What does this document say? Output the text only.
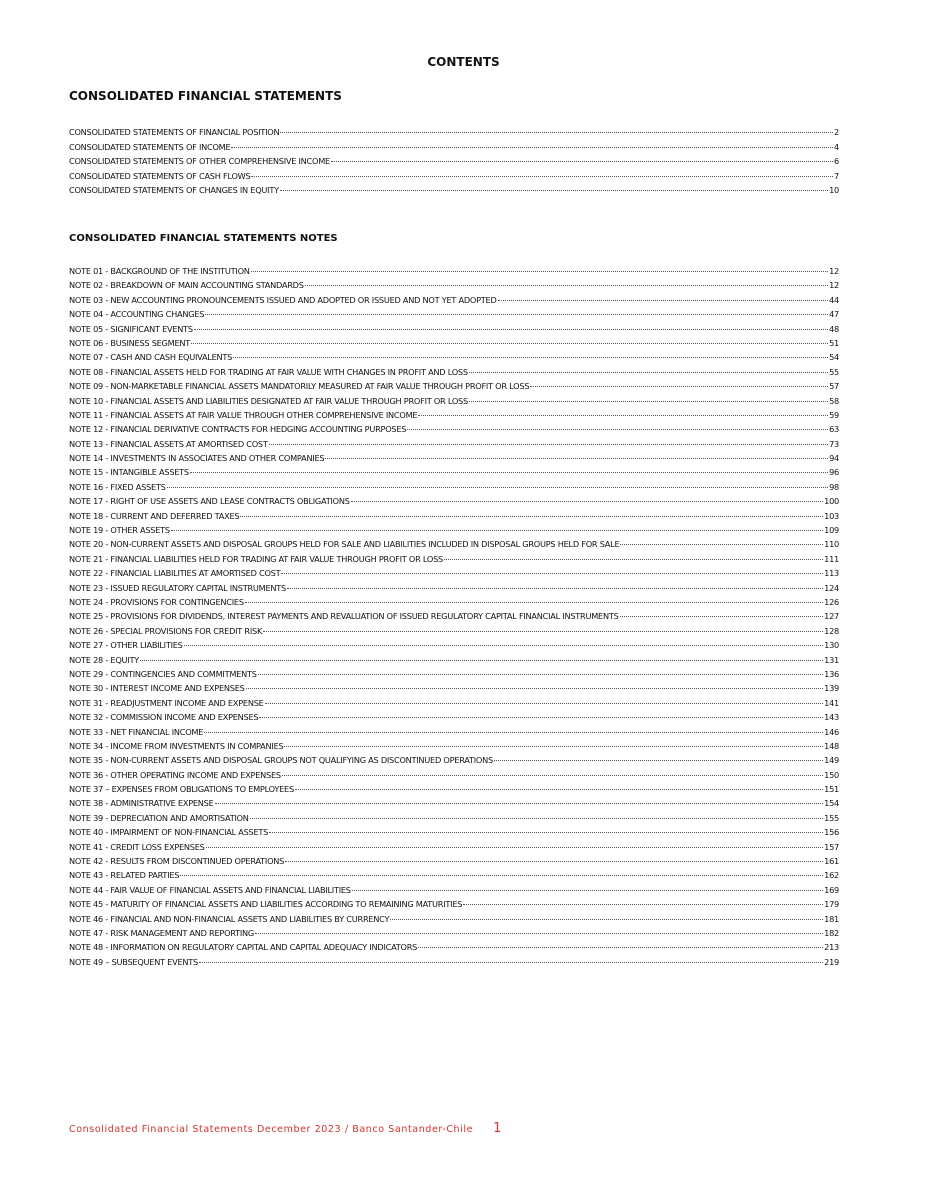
CONTENTS
CONSOLIDATED FINANCIAL STATEMENTS
CONSOLIDATED STATEMENTS OF FINANCIAL POSITION	2
CONSOLIDATED STATEMENTS OF INCOME	4
CONSOLIDATED STATEMENTS OF OTHER COMPREHENSIVE INCOME	6
CONSOLIDATED STATEMENTS OF CASH FLOWS	7
CONSOLIDATED STATEMENTS OF CHANGES IN EQUITY	10
CONSOLIDATED FINANCIAL STATEMENTS NOTES
NOTE 01 - BACKGROUND OF THE INSTITUTION	12
NOTE 02 - BREAKDOWN OF MAIN ACCOUNTING STANDARDS	12
NOTE 03 - NEW ACCOUNTING PRONOUNCEMENTS ISSUED AND ADOPTED OR ISSUED AND NOT YET ADOPTED	44
NOTE 04 - ACCOUNTING CHANGES	47
NOTE 05 - SIGNIFICANT EVENTS	48
NOTE 06 - BUSINESS SEGMENT	51
NOTE 07 - CASH AND CASH EQUIVALENTS	54
NOTE 08 - FINANCIAL ASSETS HELD FOR TRADING AT FAIR VALUE WITH CHANGES IN PROFIT AND LOSS	55
NOTE 09 - NON-MARKETABLE FINANCIAL ASSETS MANDATORILY MEASURED AT FAIR VALUE THROUGH PROFIT OR LOSS	57
NOTE 10 - FINANCIAL ASSETS AND LIABILITIES DESIGNATED AT FAIR VALUE THROUGH PROFIT OR LOSS	58
NOTE 11 - FINANCIAL ASSETS AT FAIR VALUE THROUGH OTHER COMPREHENSIVE INCOME	59
NOTE 12 - FINANCIAL DERIVATIVE CONTRACTS FOR HEDGING ACCOUNTING PURPOSES	63
NOTE 13 - FINANCIAL ASSETS AT AMORTISED COST	73
NOTE 14 - INVESTMENTS IN ASSOCIATES AND OTHER COMPANIES	94
NOTE 15 - INTANGIBLE ASSETS	96
NOTE 16 - FIXED ASSETS	98
NOTE 17 - RIGHT OF USE ASSETS AND LEASE CONTRACTS OBLIGATIONS	100
NOTE 18 - CURRENT AND DEFERRED TAXES	103
NOTE 19 - OTHER ASSETS	109
NOTE 20 - NON-CURRENT ASSETS AND DISPOSAL GROUPS HELD FOR SALE AND LIABILITIES INCLUDED IN DISPOSAL GROUPS HELD FOR SALE	110
NOTE 21 - FINANCIAL LIABILITIES HELD FOR TRADING AT FAIR VALUE THROUGH PROFIT OR LOSS	111
NOTE 22 - FINANCIAL LIABILITIES AT AMORTISED COST	113
NOTE 23 - ISSUED REGULATORY CAPITAL INSTRUMENTS	124
NOTE 24 - PROVISIONS FOR CONTINGENCIES	126
NOTE 25 - PROVISIONS FOR DIVIDENDS, INTEREST PAYMENTS AND REVALUATION OF ISSUED REGULATORY CAPITAL FINANCIAL INSTRUMENTS	127
NOTE 26 - SPECIAL PROVISIONS FOR CREDIT RISK	128
NOTE 27 - OTHER LIABILITIES	130
NOTE 28 - EQUITY	131
NOTE 29 - CONTINGENCIES AND COMMITMENTS	136
NOTE 30 - INTEREST INCOME AND EXPENSES	139
NOTE 31 - READJUSTMENT INCOME AND EXPENSE	141
NOTE 32 - COMMISSION INCOME AND EXPENSES	143
NOTE 33 - NET FINANCIAL INCOME	146
NOTE 34 - INCOME FROM INVESTMENTS IN COMPANIES	148
NOTE 35 - NON-CURRENT ASSETS AND DISPOSAL GROUPS NOT QUALIFYING AS DISCONTINUED OPERATIONS	149
NOTE 36 - OTHER OPERATING INCOME AND EXPENSES	150
NOTE 37 – EXPENSES FROM OBLIGATIONS TO EMPLOYEES	151
NOTE 38 - ADMINISTRATIVE EXPENSE	154
NOTE 39 - DEPRECIATION AND AMORTISATION	155
NOTE 40 - IMPAIRMENT OF NON-FINANCIAL ASSETS	156
NOTE 41 - CREDIT LOSS EXPENSES	157
NOTE 42 - RESULTS FROM DISCONTINUED OPERATIONS	161
NOTE 43 - RELATED PARTIES	162
NOTE 44 - FAIR VALUE OF FINANCIAL ASSETS AND FINANCIAL LIABILITIES	169
NOTE 45 - MATURITY OF FINANCIAL ASSETS AND LIABILITIES ACCORDING TO REMAINING MATURITIES	179
NOTE 46 - FINANCIAL AND NON-FINANCIAL ASSETS AND LIABILITIES BY CURRENCY	181
NOTE 47 - RISK MANAGEMENT AND REPORTING	182
NOTE 48 - INFORMATION ON REGULATORY CAPITAL AND CAPITAL ADEQUACY INDICATORS	213
NOTE 49 – SUBSEQUENT EVENTS	219
Consolidated Financial Statements December 2023 / Banco Santander-Chile 1
